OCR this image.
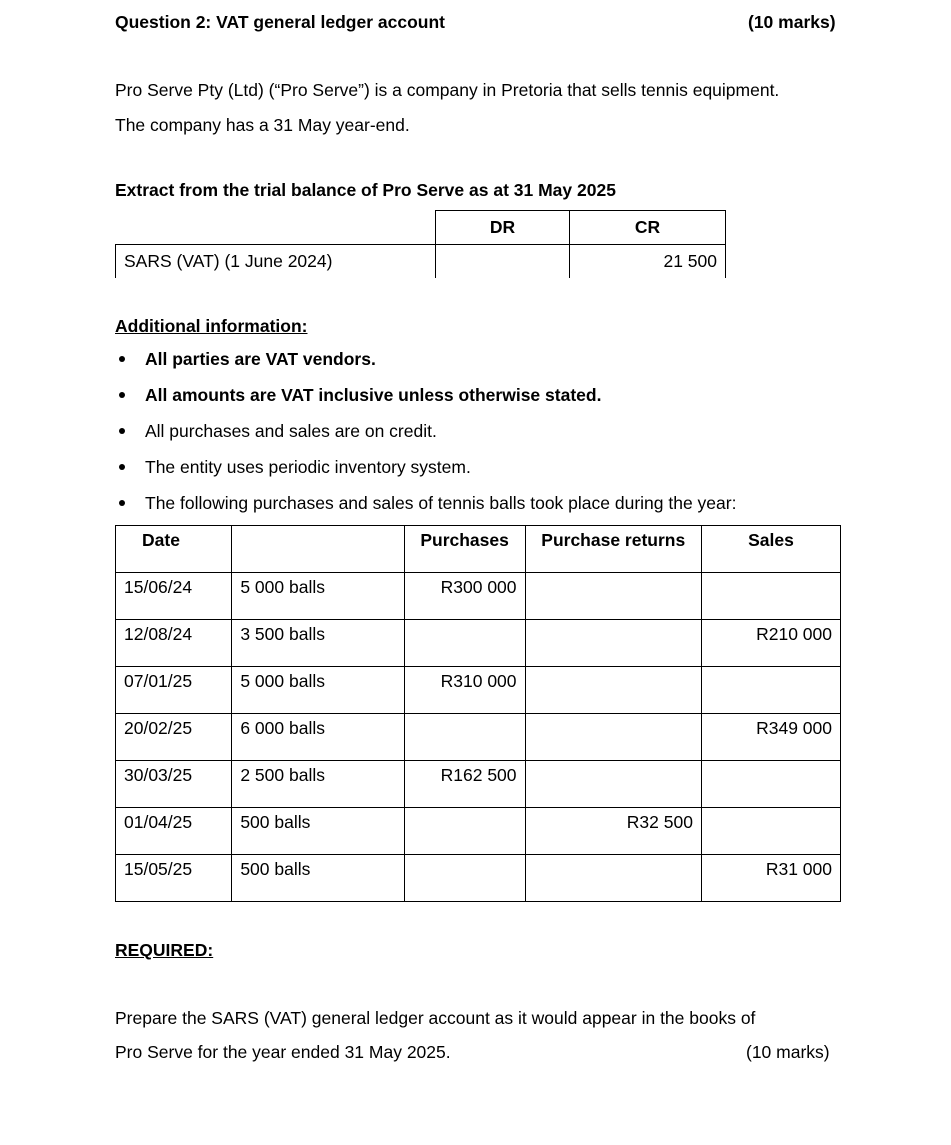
Question 2: VAT general ledger account	(10 marks)

Pro Serve Pty (Ltd) (“Pro Serve”) is a company in Pretoria that sells tennis equipment.

The company has a 31 May year-end.

Extract from the trial balance of Pro Serve as at 31 May 2025

	DR	CR
SARS (VAT) (1 June 2024)		21 500

Additional information:

All parties are VAT vendors.
All amounts are VAT inclusive unless otherwise stated.
All purchases and sales are on credit.
The entity uses periodic inventory system.
The following purchases and sales of tennis balls took place during the year:
Date		Purchases	Purchase returns	Sales
15/06/24	5 000 balls	R300 000		
12/08/24	3 500 balls			R210 000
07/01/25	5 000 balls	R310 000		
20/02/25	6 000 balls			R349 000
30/03/25	2 500 balls	R162 500		
01/04/25	500 balls		R32 500	
15/05/25	500 balls			R31 000

REQUIRED:

Prepare the SARS (VAT) general ledger account as it would appear in the books of

Pro Serve for the year ended 31 May 2025.	(10 marks)
